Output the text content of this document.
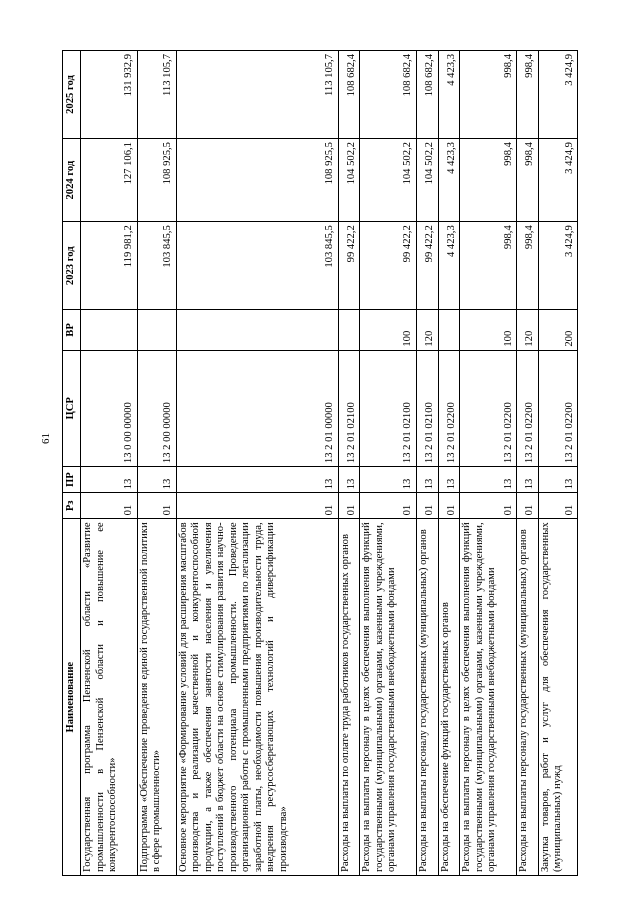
61
Наименование	Рз	ПР	ЦСР	ВР	2023 год	2024 год	2025 год
Государственная программа Пензенской области «Развитие промышленности в Пензенской области и повышение ее конкурентоспособности»	01	13	13 0 00 00000		119 981,2	127 106,1	131 932,9
Подпрограмма «Обеспечение проведения единой государственной политики в сфере промышленности»	01	13	13 2 00 00000		103 845,5	108 925,5	113 105,7
Основное мероприятие «Формирование условий для расширения масштабов производства и реализации качественной и конкурентоспособной продукции, а также обеспечения занятости населения и увеличения поступлений в бюджет области на основе стимулирования развития научно-производственного потенциала промышленности. Проведение организационной работы с промышленными предприятиями по легализации заработной платы, необходимости повышения производительности труда, внедрения ресурсосберегающих технологий и диверсификации производства»	01	13	13 2 01 00000		103 845,5	108 925,5	113 105,7
Расходы на выплаты по оплате труда работников государственных органов	01	13	13 2 01 02100		99 422,2	104 502,2	108 682,4
Расходы на выплаты персоналу в целях обеспечения выполнения функций государственными (муниципальными) органами, казенными учреждениями, органами управления государственными внебюджетными фондами	01	13	13 2 01 02100	100	99 422,2	104 502,2	108 682,4
Расходы на выплаты персоналу государственных (муниципальных) органов	01	13	13 2 01 02100	120	99 422,2	104 502,2	108 682,4
Расходы на обеспечение функций государственных органов	01	13	13 2 01 02200		4 423,3	4 423,3	4 423,3
Расходы на выплаты персоналу в целях обеспечения выполнения функций государственными (муниципальными) органами, казенными учреждениями, органами управления государственными внебюджетными фондами	01	13	13 2 01 02200	100	998,4	998,4	998,4
Расходы на выплаты персоналу государственных (муниципальных) органов	01	13	13 2 01 02200	120	998,4	998,4	998,4
Закупка товаров, работ и услуг для обеспечения государственных (муниципальных) нужд	01	13	13 2 01 02200	200	3 424,9	3 424,9	3 424,9
